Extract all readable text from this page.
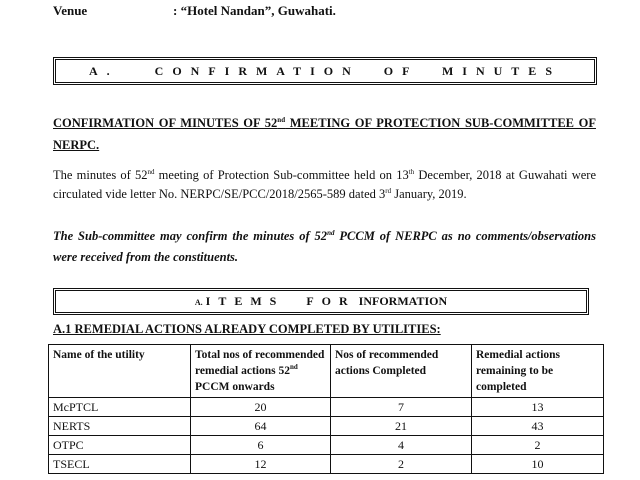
Venue	: “Hotel Nandan”, Guwahati.
A.   CONFIRMATION  OF  MINUTES
CONFIRMATION OF MINUTES OF 52nd MEETING OF PROTECTION SUB-COMMITTEE OF NERPC.
The minutes of 52nd meeting of Protection Sub-committee held on 13th December, 2018 at Guwahati were circulated vide letter No. NERPC/SE/PCC/2018/2565-589 dated 3rd January, 2019.
The Sub-committee may confirm the minutes of 52nd PCCM of NERPC as no comments/observations were received from the constituents.
A. ITEMS  FOR INFORMATION
A.1 REMEDIAL ACTIONS ALREADY COMPLETED BY UTILITIES:
Name of the utility	Total nos of recommended remedial actions 52nd PCCM onwards	Nos of recommended actions Completed	Remedial actions remaining to be completed
McPTCL	20	7	13
NERTS	64	21	43
OTPC	6	4	2
TSECL	12	2	10
